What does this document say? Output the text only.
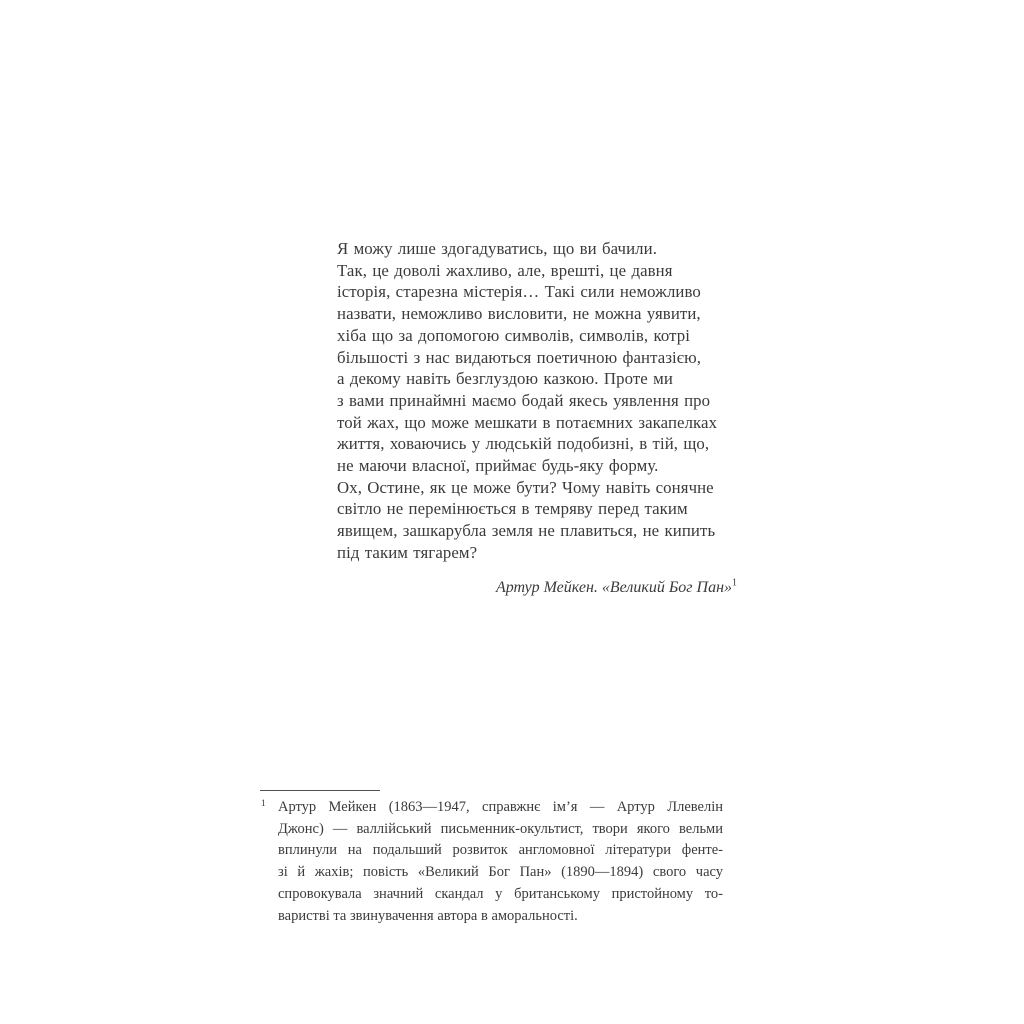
Я можу лише здогадуватись, що ви бачили.
Так, це доволі жахливо, але, врешті, це давня
історія, старезна містерія… Такі сили неможливо
назвати, неможливо висловити, не можна уявити,
хіба що за допомогою символів, символів, котрі
більшості з нас видаються поетичною фантазією,
а декому навіть безглуздою казкою. Проте ми
з вами принаймні маємо бодай якесь уявлення про
той жах, що може мешкати в потаємних закапелках
життя, ховаючись у людській подобизні, в тій, що,
не маючи власної, приймає будь-яку форму.
Ох, Остине, як це може бути? Чому навіть сонячне
світло не перемінюється в темряву перед таким
явищем, зашкарубла земля не плавиться, не кипить
під таким тягарем?
Артур Мейкен. «Великий Бог Пан»$^1$
1 Артур Мейкен (1863—1947, справжнє ім’я — Артур Ллевелін
Джонс) — валлійський письменник-окультист, твори якого вельми
вплинули на подальший розвиток англомовної літератури фенте-
зі й жахів; повість «Великий Бог Пан» (1890—1894) свого часу
спровокувала значний скандал у британському пристойному то-
варистві та звинувачення автора в аморальності.
